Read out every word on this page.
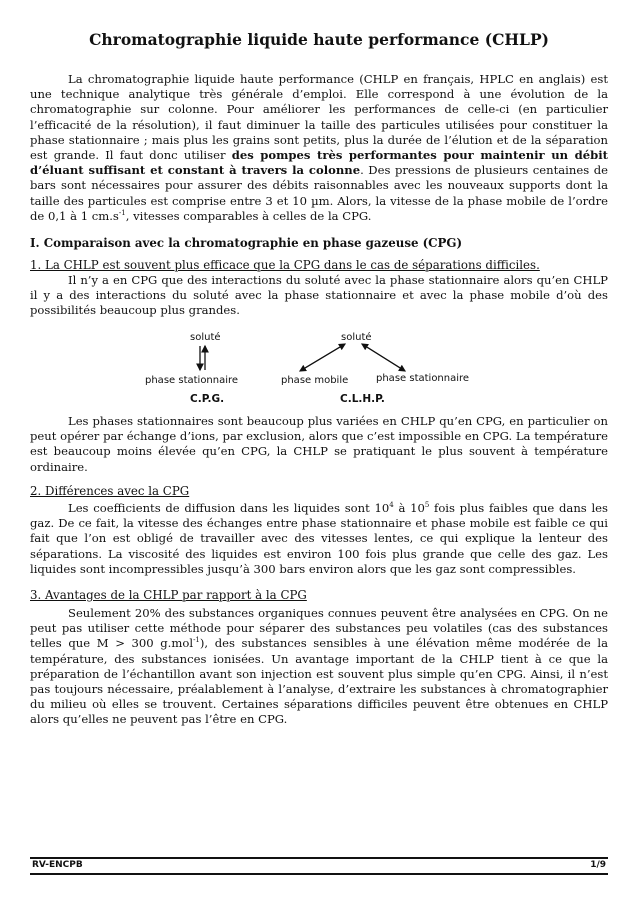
Chromatographie liquide haute performance (CHLP)

La chromatographie liquide haute performance (CHLP en français, HPLC en anglais) est une technique analytique très générale d’emploi. Elle correspond à une évolution de la chromatographie sur colonne. Pour améliorer les performances de celle-ci (en particulier l’efficacité de la résolution), il faut diminuer la taille des particules utilisées pour constituer la phase stationnaire ; mais plus les grains sont petits, plus la durée de l’élution et de la séparation est grande. Il faut donc utiliser des pompes très performantes pour maintenir un débit d’éluant suffisant et constant à travers la colonne. Des pressions de plusieurs centaines de bars sont nécessaires pour assurer des débits raisonnables avec les nouveaux supports dont la taille des particules est comprise entre 3 et 10 µm. Alors, la vitesse de la phase mobile de l’ordre de 0,1 à 1 $cm.s^{-1}$, vitesses comparables à celles de la CPG.

I. Comparaison avec la chromatographie en phase gazeuse (CPG)
1. La CHLP est souvent plus efficace que la CPG dans le cas de séparations difficiles.

Il n’y a en CPG que des interactions du soluté avec la phase stationnaire alors qu’en CHLP il y a des interactions du soluté avec la phase stationnaire et avec la phase mobile d’où des possibilités beaucoup plus grandes.

soluté
phase stationnaire
C.P.G.
soluté
phase mobile	phase stationnaire
C.L.H.P.

Les phases stationnaires sont beaucoup plus variées en CHLP qu’en CPG, en particulier on peut opérer par échange d’ions, par exclusion, alors que c’est impossible en CPG. La température est beaucoup moins élevée qu’en CPG, la CHLP se pratiquant le plus souvent à température ordinaire.

2. Différences avec la CPG

Les coefficients de diffusion dans les liquides sont $10^4$ à $10^5$ fois plus faibles que dans les gaz. De ce fait, la vitesse des échanges entre phase stationnaire et phase mobile est faible ce qui fait que l’on est obligé de travailler avec des vitesses lentes, ce qui explique la lenteur des séparations. La viscosité des liquides est environ 100 fois plus grande que celle des gaz. Les liquides sont incompressibles jusqu’à 300 bars environ alors que les gaz sont compressibles.

3. Avantages de la CHLP par rapport à la CPG

Seulement 20% des substances organiques connues peuvent être analysées en CPG. On ne peut pas utiliser cette méthode pour séparer des substances peu volatiles (cas des substances telles que M > 300 g.mol$^{-1}$), des substances sensibles à une élévation même modérée de la température, des substances ionisées. Un avantage important de la CHLP tient à ce que la préparation de l’échantillon avant son injection est souvent plus simple qu’en CPG. Ainsi, il n’est pas toujours nécessaire, préalablement à l’analyse, d’extraire les substances à chromatographier du milieu où elles se trouvent. Certaines séparations difficiles peuvent être obtenues en CHLP alors qu’elles ne peuvent pas l’être en CPG.

RV-ENCPB	1/9
